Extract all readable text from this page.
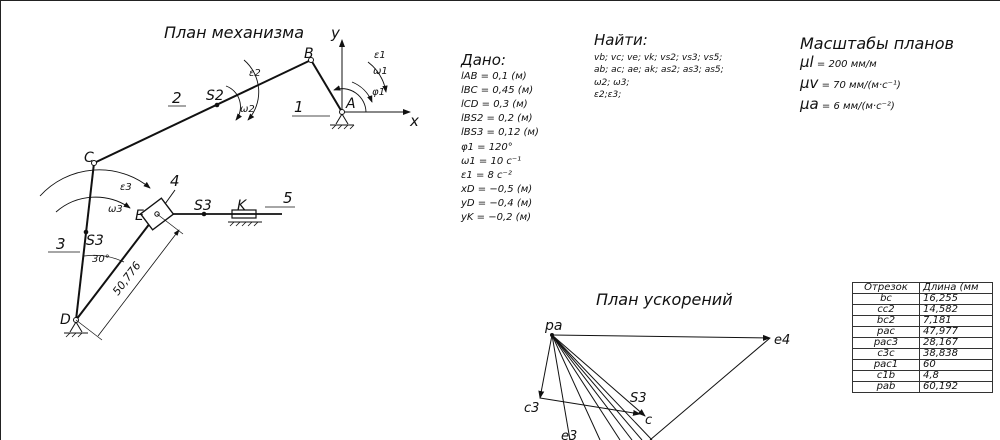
План механизма
План ускорений
Дано:
lAB = 0,1 (м)
lBC = 0,45 (м)
lCD = 0,3 (м)
lBS2 = 0,2 (м)
lBS3 = 0,12 (м)
φ1 = 120°
ω1 = 10 c⁻¹
ε1 = 8 c⁻²
xD = −0,5 (м)
yD = −0,4 (м)
yK = −0,2 (м)
Найти:
vb; vc; ve; vk; vs2; vs3; vs5;
ab; ac; ae; ak; as2; as3; as5;
ω2; ω3;
ε2;ε3;
Масштабы планов
μl = 200 мм/м
μv = 70 мм/(м·с⁻¹)
μa = 6 мм/(м·с⁻²)
y
x
B
A
C
D
E
K
S2
S3
S3
1
2
3
4
5
ε1
ω1
φ1
ε2
ω2
ε3
ω3
30° 50,776
pa
e4
c3
S3
c
e3
Отрезок	Длина (мм
bc	16,255
cc2	14,582
bc2	7,181
pac	47,977
pac3	28,167
c3c	38,838
pac1	60
c1b	4,8
pab	60,192
